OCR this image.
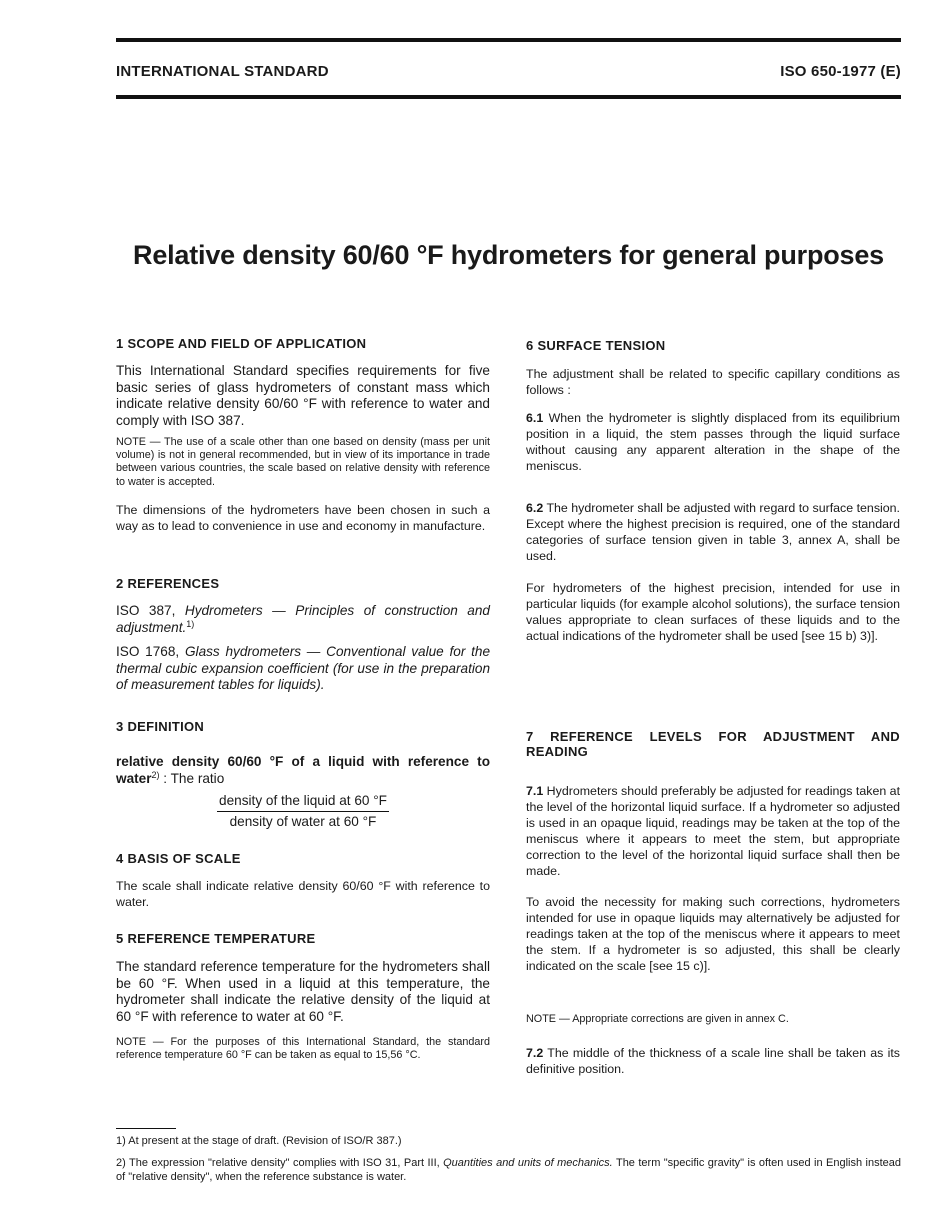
INTERNATIONAL STANDARD	ISO 650-1977 (E)
Relative density 60/60 °F hydrometers for general purposes
1 SCOPE AND FIELD OF APPLICATION
This International Standard specifies requirements for five basic series of glass hydrometers of constant mass which indicate relative density 60/60 °F with reference to water and comply with ISO 387.
NOTE — The use of a scale other than one based on density (mass per unit volume) is not in general recommended, but in view of its importance in trade between various countries, the scale based on relative density with reference to water is accepted.
The dimensions of the hydrometers have been chosen in such a way as to lead to convenience in use and economy in manufacture.
2 REFERENCES
ISO 387, Hydrometers — Principles of construction and adjustment.$^{1)}$
ISO 1768, Glass hydrometers — Conventional value for the thermal cubic expansion coefficient (for use in the preparation of measurement tables for liquids).
3 DEFINITION
relative density 60/60 °F of a liquid with reference to water$^{2)}$ : The ratio
density of the liquid at 60 °F
density of water at 60 °F
4 BASIS OF SCALE
The scale shall indicate relative density 60/60 °F with reference to water.
5 REFERENCE TEMPERATURE
The standard reference temperature for the hydrometers shall be 60 °F. When used in a liquid at this temperature, the hydrometer shall indicate the relative density of the liquid at 60 °F with reference to water at 60 °F.
NOTE — For the purposes of this International Standard, the standard reference temperature 60 °F can be taken as equal to 15,56 °C.
6 SURFACE TENSION
The adjustment shall be related to specific capillary conditions as follows :
6.1 When the hydrometer is slightly displaced from its equilibrium position in a liquid, the stem passes through the liquid surface without causing any apparent alteration in the shape of the meniscus.
6.2 The hydrometer shall be adjusted with regard to surface tension. Except where the highest precision is required, one of the standard categories of surface tension given in table 3, annex A, shall be used.
For hydrometers of the highest precision, intended for use in particular liquids (for example alcohol solutions), the surface tension values appropriate to clean surfaces of these liquids and to the actual indications of the hydrometer shall be used [see 15 b) 3)].
7 REFERENCE LEVELS FOR ADJUSTMENT AND READING
7.1 Hydrometers should preferably be adjusted for readings taken at the level of the horizontal liquid surface. If a hydrometer so adjusted is used in an opaque liquid, readings may be taken at the top of the meniscus where it appears to meet the stem, but appropriate correction to the level of the horizontal liquid surface shall then be made.
To avoid the necessity for making such corrections, hydrometers intended for use in opaque liquids may alternatively be adjusted for readings taken at the top of the meniscus where it appears to meet the stem. If a hydrometer is so adjusted, this shall be clearly indicated on the scale [see 15 c)].
NOTE — Appropriate corrections are given in annex C.
7.2 The middle of the thickness of a scale line shall be taken as its definitive position.
1) At present at the stage of draft. (Revision of ISO/R 387.)
2) The expression "relative density" complies with ISO 31, Part III, Quantities and units of mechanics. The term "specific gravity" is often used in English instead of "relative density", when the reference substance is water.
